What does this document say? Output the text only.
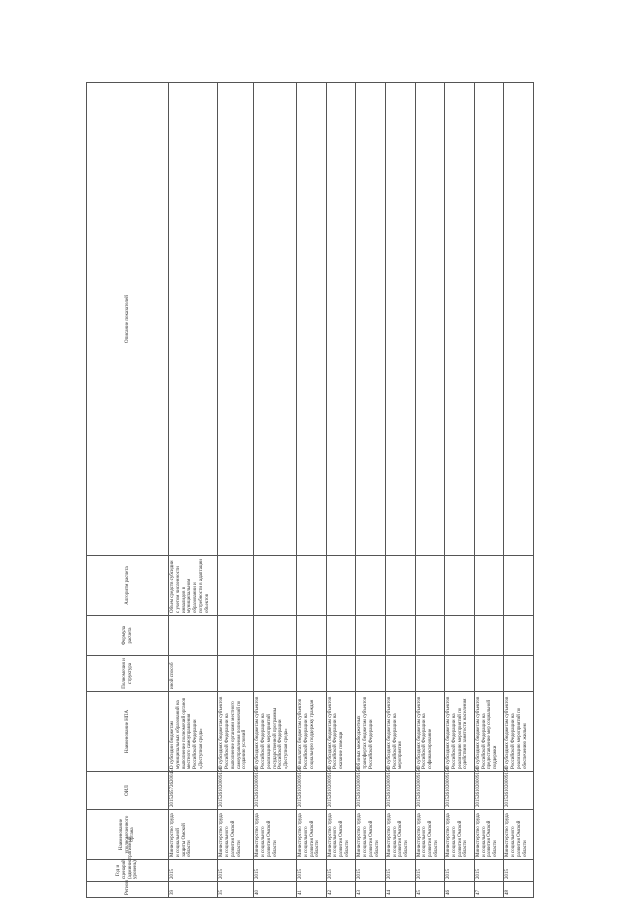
Регион	Год и сценарий (административный уровень)	Наименование уполномоченного органа	ОИЛ	Наименование НПА	Полномочия и структура	Формула расчета	Алгоритм расчета	Описание показателей
39	2015	Министерство труда и социальной защиты Омской области	2015265726200451	О субсидии бюджетам муниципальных образований на выполнение полномочий органов местного самоуправления Российской Федерации «Доступная среда»	иной способ		Объем средств субсидии с учетом численности инвалидов в муниципальном образовании и потребности в адаптации объектов	
35	2015	Министерство труда и социального развития Омской области	2015261020009150	О субсидиях бюджетам субъектов Российской Федерации на выполнение органами местного самоуправления полномочий по созданию условий				
40	2015	Министерство труда и социального развития Омской области	2015261020009150	О субсидиях бюджетам субъектов Российской Федерации на реализацию мероприятий государственной программы Российской Федерации «Доступная среда»				
41	2015	Министерство труда и социального развития Омской области	2015261020009150	О выплатах бюджетам субъектов Российской Федерации на социальную поддержку граждан				
42	2015	Министерство труда и социального развития Омской области	2015261020009150	О субсидиях бюджетам субъектов Российской Федерации на оказание помощи				
43	2015	Министерство труда и социального развития Омской области	2015261020009150	Об иных межбюджетных трансфертах бюджетам субъектов Российской Федерации				
44	2015	Министерство труда и социального развития Омской области	2015261020009150	О субсидиях бюджетам субъектов Российской Федерации на мероприятия				
45	2015	Министерство труда и социального развития Омской области	2015261020009150	О субсидиях бюджетам субъектов Российской Федерации на софинансирование				
46	2015	Министерство труда и социального развития Омской области	2015261020009150	О субсидиях бюджетам субъектов Российской Федерации на реализацию мероприятий по содействию занятости населения				
47	2015	Министерство труда и социального развития Омской области	2015261020009150	О субсидиях бюджетам субъектов Российской Федерации на предоставление мер социальной поддержки				
48	2015	Министерство труда и социального развития Омской области	2015261020009150	О субсидиях бюджетам субъектов Российской Федерации на реализацию мероприятий по обеспечению жильем				
